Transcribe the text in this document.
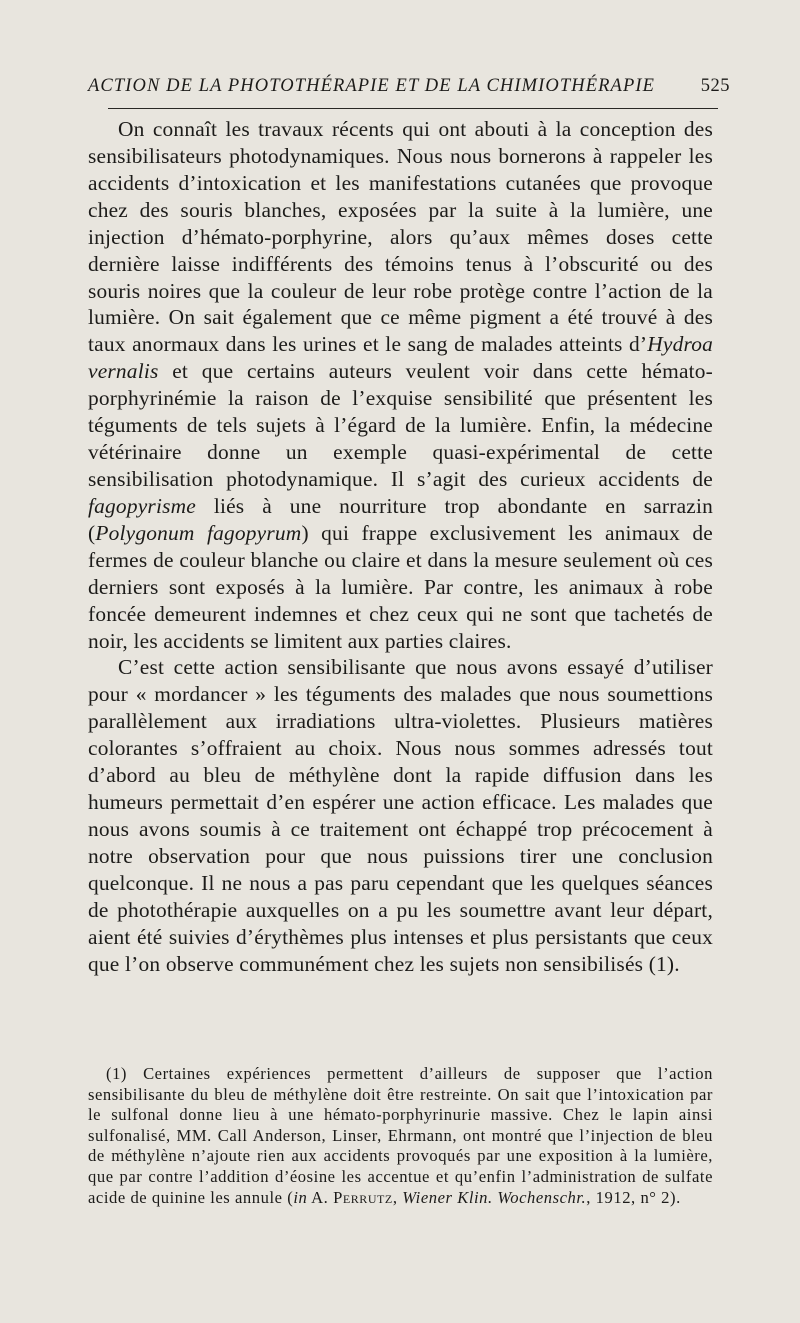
ACTION DE LA PHOTOTHÉRAPIE ET DE LA CHIMIOTHÉRAPIE 525

On connaît les travaux récents qui ont abouti à la conception des sensibilisateurs photodynamiques. Nous nous bornerons à rappeler les accidents d’intoxication et les manifestations cutanées que provoque chez des souris blanches, exposées par la suite à la lumière, une injection d’hémato-porphyrine, alors qu’aux mêmes doses cette dernière laisse indifférents des témoins tenus à l’obscurité ou des souris noires que la couleur de leur robe protège contre l’action de la lumière. On sait également que ce même pigment a été trouvé à des taux anormaux dans les urines et le sang de malades atteints d’Hydroa vernalis et que certains auteurs veulent voir dans cette hémato-porphyrinémie la raison de l’exquise sensibilité que présentent les téguments de tels sujets à l’égard de la lumière. Enfin, la médecine vétérinaire donne un exemple quasi-expérimental de cette sensibilisation photodynamique. Il s’agit des curieux accidents de fagopyrisme liés à une nourriture trop abondante en sarrazin (Polygonum fagopyrum) qui frappe exclusivement les animaux de fermes de couleur blanche ou claire et dans la mesure seulement où ces derniers sont exposés à la lumière. Par contre, les animaux à robe foncée demeurent indemnes et chez ceux qui ne sont que tachetés de noir, les accidents se limitent aux parties claires.

C’est cette action sensibilisante que nous avons essayé d’utiliser pour « mordancer » les téguments des malades que nous soumettions parallèlement aux irradiations ultra-violettes. Plusieurs matières colorantes s’offraient au choix. Nous nous sommes adressés tout d’abord au bleu de méthylène dont la rapide diffusion dans les humeurs permettait d’en espérer une action efficace. Les malades que nous avons soumis à ce traitement ont échappé trop précocement à notre observation pour que nous puissions tirer une conclusion quelconque. Il ne nous a pas paru cependant que les quelques séances de photothérapie auxquelles on a pu les soumettre avant leur départ, aient été suivies d’érythèmes plus intenses et plus persistants que ceux que l’on observe communément chez les sujets non sensibilisés (1).

(1) Certaines expériences permettent d’ailleurs de supposer que l’action sensibilisante du bleu de méthylène doit être restreinte. On sait que l’intoxication par le sulfonal donne lieu à une hémato-porphyrinurie massive. Chez le lapin ainsi sulfonalisé, MM. Call Anderson, Linser, Ehrmann, ont montré que l’injection de bleu de méthylène n’ajoute rien aux accidents provoqués par une exposition à la lumière, que par contre l’addition d’éosine les accentue et qu’enfin l’administration de sulfate acide de quinine les annule (in A. Perrutz, Wiener Klin. Wochenschr., 1912, n° 2).
